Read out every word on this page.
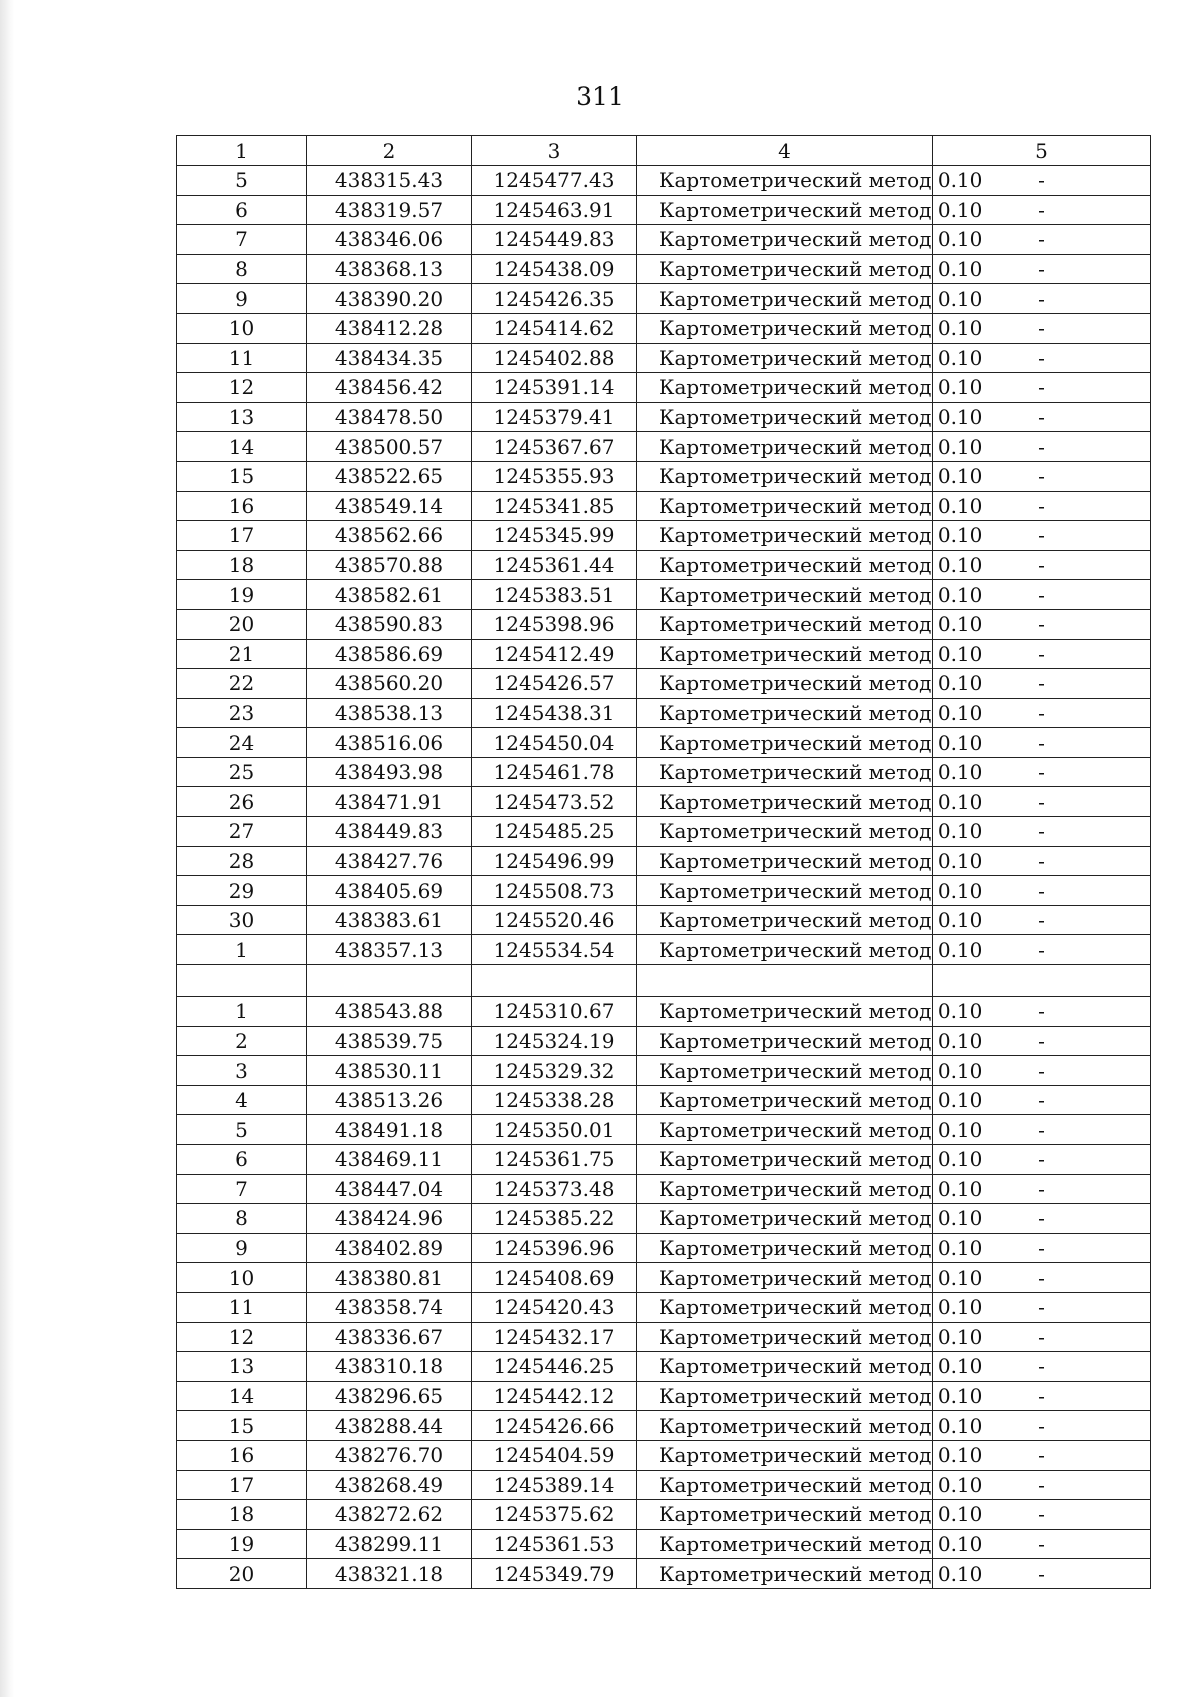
311
1	2	3	4	5
5	438315.43	1245477.43	Картометрический метод 0.10	-
6	438319.57	1245463.91	Картометрический метод 0.10	-
7	438346.06	1245449.83	Картометрический метод 0.10	-
8	438368.13	1245438.09	Картометрический метод 0.10	-
9	438390.20	1245426.35	Картометрический метод 0.10	-
10	438412.28	1245414.62	Картометрический метод 0.10	-
11	438434.35	1245402.88	Картометрический метод 0.10	-
12	438456.42	1245391.14	Картометрический метод 0.10	-
13	438478.50	1245379.41	Картометрический метод 0.10	-
14	438500.57	1245367.67	Картометрический метод 0.10	-
15	438522.65	1245355.93	Картометрический метод 0.10	-
16	438549.14	1245341.85	Картометрический метод 0.10	-
17	438562.66	1245345.99	Картометрический метод 0.10	-
18	438570.88	1245361.44	Картометрический метод 0.10	-
19	438582.61	1245383.51	Картометрический метод 0.10	-
20	438590.83	1245398.96	Картометрический метод 0.10	-
21	438586.69	1245412.49	Картометрический метод 0.10	-
22	438560.20	1245426.57	Картометрический метод 0.10	-
23	438538.13	1245438.31	Картометрический метод 0.10	-
24	438516.06	1245450.04	Картометрический метод 0.10	-
25	438493.98	1245461.78	Картометрический метод 0.10	-
26	438471.91	1245473.52	Картометрический метод 0.10	-
27	438449.83	1245485.25	Картометрический метод 0.10	-
28	438427.76	1245496.99	Картометрический метод 0.10	-
29	438405.69	1245508.73	Картометрический метод 0.10	-
30	438383.61	1245520.46	Картометрический метод 0.10	-
1	438357.13	1245534.54	Картометрический метод 0.10	-

1	438543.88	1245310.67	Картометрический метод 0.10	-
2	438539.75	1245324.19	Картометрический метод 0.10	-
3	438530.11	1245329.32	Картометрический метод 0.10	-
4	438513.26	1245338.28	Картометрический метод 0.10	-
5	438491.18	1245350.01	Картометрический метод 0.10	-
6	438469.11	1245361.75	Картометрический метод 0.10	-
7	438447.04	1245373.48	Картометрический метод 0.10	-
8	438424.96	1245385.22	Картометрический метод 0.10	-
9	438402.89	1245396.96	Картометрический метод 0.10	-
10	438380.81	1245408.69	Картометрический метод 0.10	-
11	438358.74	1245420.43	Картометрический метод 0.10	-
12	438336.67	1245432.17	Картометрический метод 0.10	-
13	438310.18	1245446.25	Картометрический метод 0.10	-
14	438296.65	1245442.12	Картометрический метод 0.10	-
15	438288.44	1245426.66	Картометрический метод 0.10	-
16	438276.70	1245404.59	Картометрический метод 0.10	-
17	438268.49	1245389.14	Картометрический метод 0.10	-
18	438272.62	1245375.62	Картометрический метод 0.10	-
19	438299.11	1245361.53	Картометрический метод 0.10	-
20	438321.18	1245349.79	Картометрический метод 0.10	-
